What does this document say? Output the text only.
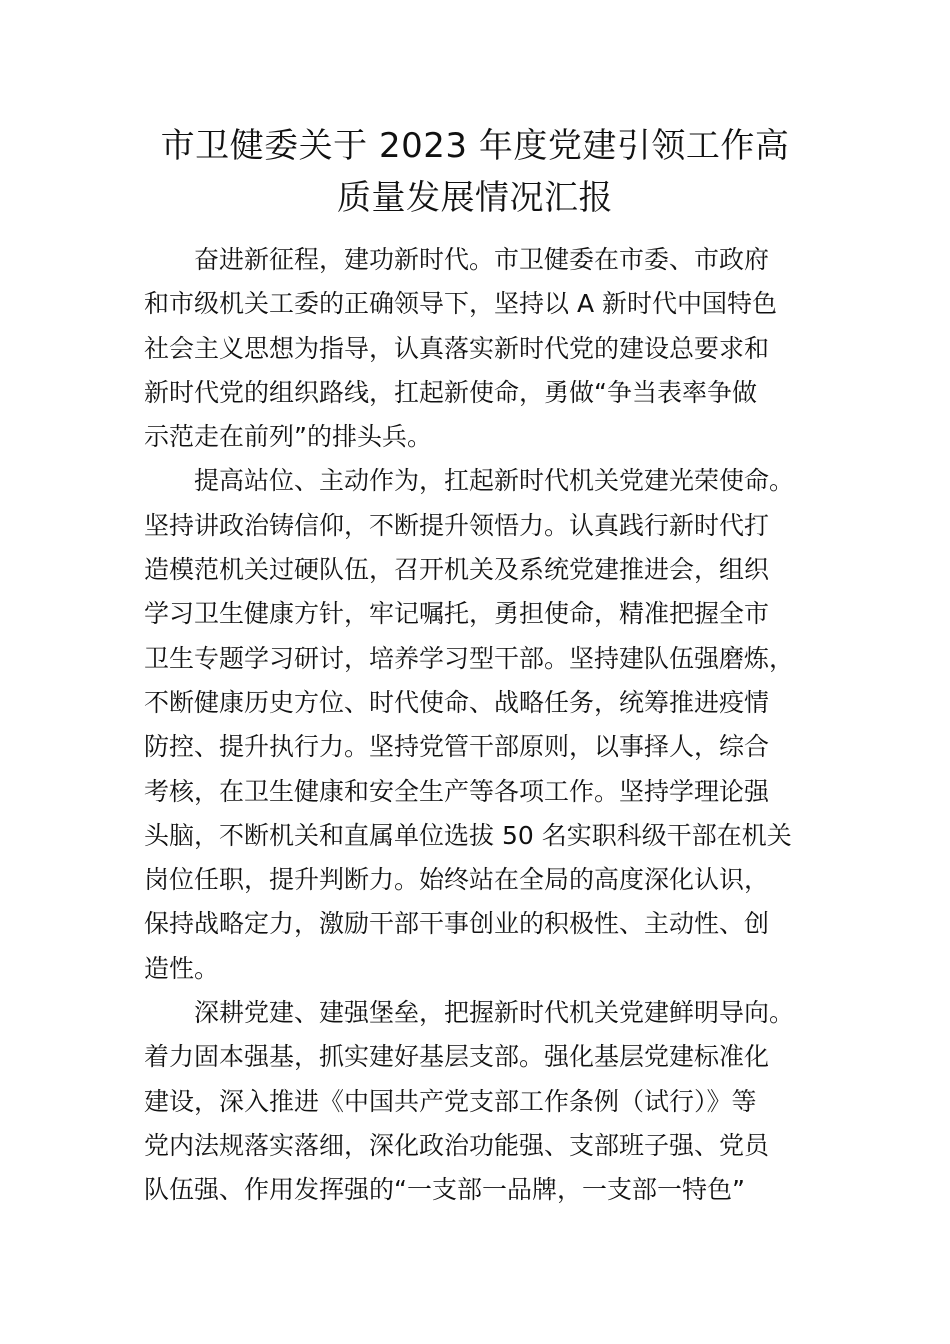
市卫健委关于 2023 年度党建引领工作高
质量发展情况汇报

奋进新征程，建功新时代。市卫健委在市委、市政府
和市级机关工委的正确领导下，坚持以 A 新时代中国特色
社会主义思想为指导，认真落实新时代党的建设总要求和
新时代党的组织路线，扛起新使命，勇做“争当表率争做
示范走在前列”的排头兵。

提高站位、主动作为，扛起新时代机关党建光荣使命。
坚持讲政治铸信仰，不断提升领悟力。认真践行新时代打
造模范机关过硬队伍，召开机关及系统党建推进会，组织
学习卫生健康方针，牢记嘱托，勇担使命，精准把握全市
卫生专题学习研讨，培养学习型干部。坚持建队伍强磨炼，
不断健康历史方位、时代使命、战略任务，统筹推进疫情
防控、提升执行力。坚持党管干部原则，以事择人，综合
考核，在卫生健康和安全生产等各项工作。坚持学理论强
头脑，不断机关和直属单位选拔 50 名实职科级干部在机关
岗位任职，提升判断力。始终站在全局的高度深化认识，
保持战略定力，激励干部干事创业的积极性、主动性、创
造性。

深耕党建、建强堡垒，把握新时代机关党建鲜明导向。
着力固本强基，抓实建好基层支部。强化基层党建标准化
建设，深入推进《中国共产党支部工作条例（试行）》等
党内法规落实落细，深化政治功能强、支部班子强、党员
队伍强、作用发挥强的“一支部一品牌，一支部一特色”
